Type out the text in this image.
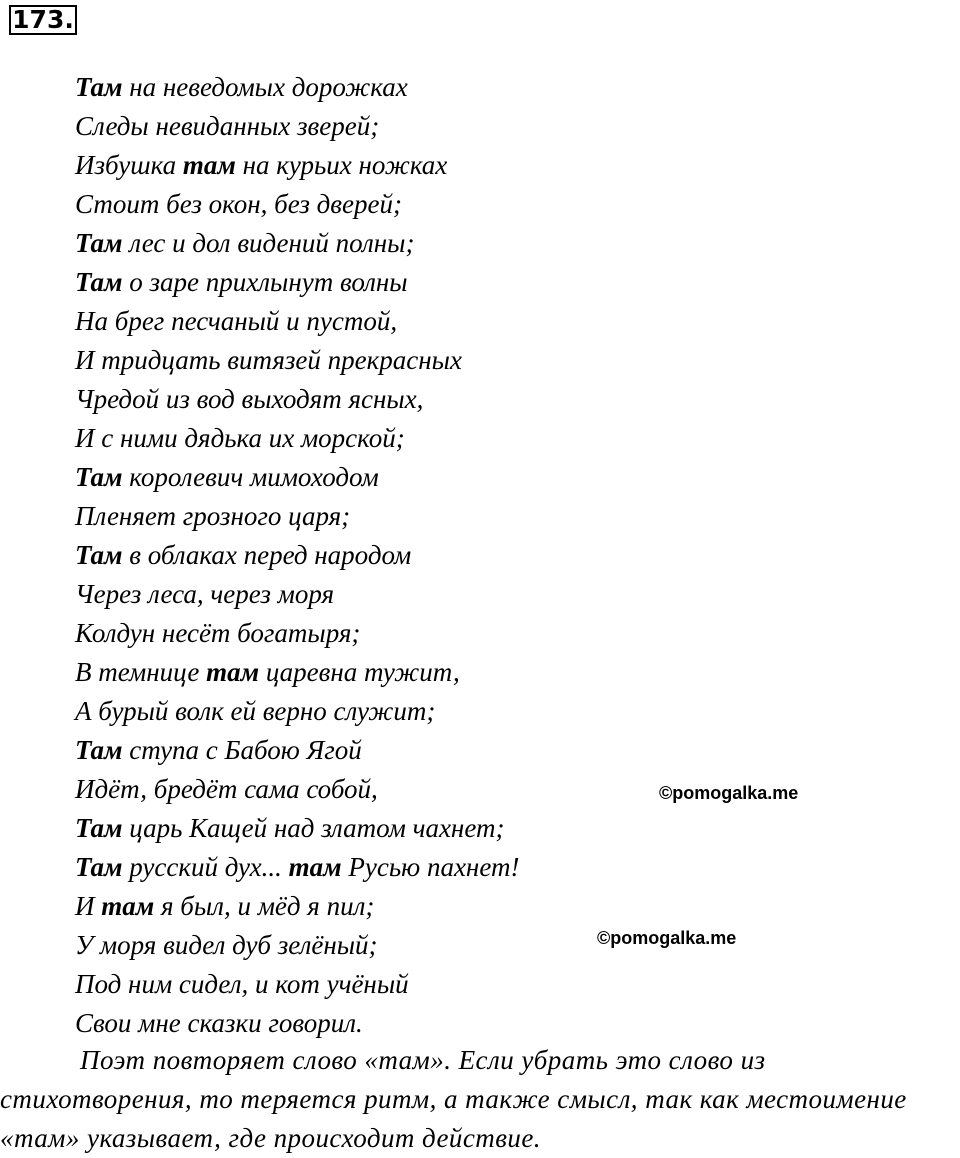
173.
Там на неведомых дорожках
Следы невиданных зверей;
Избушка там на курьих ножках
Стоит без окон, без дверей;
Там лес и дол видений полны;
Там о заре прихлынут волны
На брег песчаный и пустой,
И тридцать витязей прекрасных
Чредой из вод выходят ясных,
И с ними дядька их морской;
Там королевич мимоходом
Пленяет грозного царя;
Там в облаках перед народом
Через леса, через моря
Колдун несёт богатыря;
В темнице там царевна тужит,
А бурый волк ей верно служит;
Там ступа с Бабою Ягой
Идёт, бредёт сама собой,
Там царь Кащей над златом чахнет;
Там русский дух... там Русью пахнет!
И там я был, и мёд я пил;
У моря видел дуб зелёный;
Под ним сидел, и кот учёный
Свои мне сказки говорил.
©pomogalka.me
©pomogalka.me

Поэт повторяет слово «там». Если убрать это слово из стихотворения, то теряется ритм, а также смысл, так как местоимение «там» указывает, где происходит действие.
